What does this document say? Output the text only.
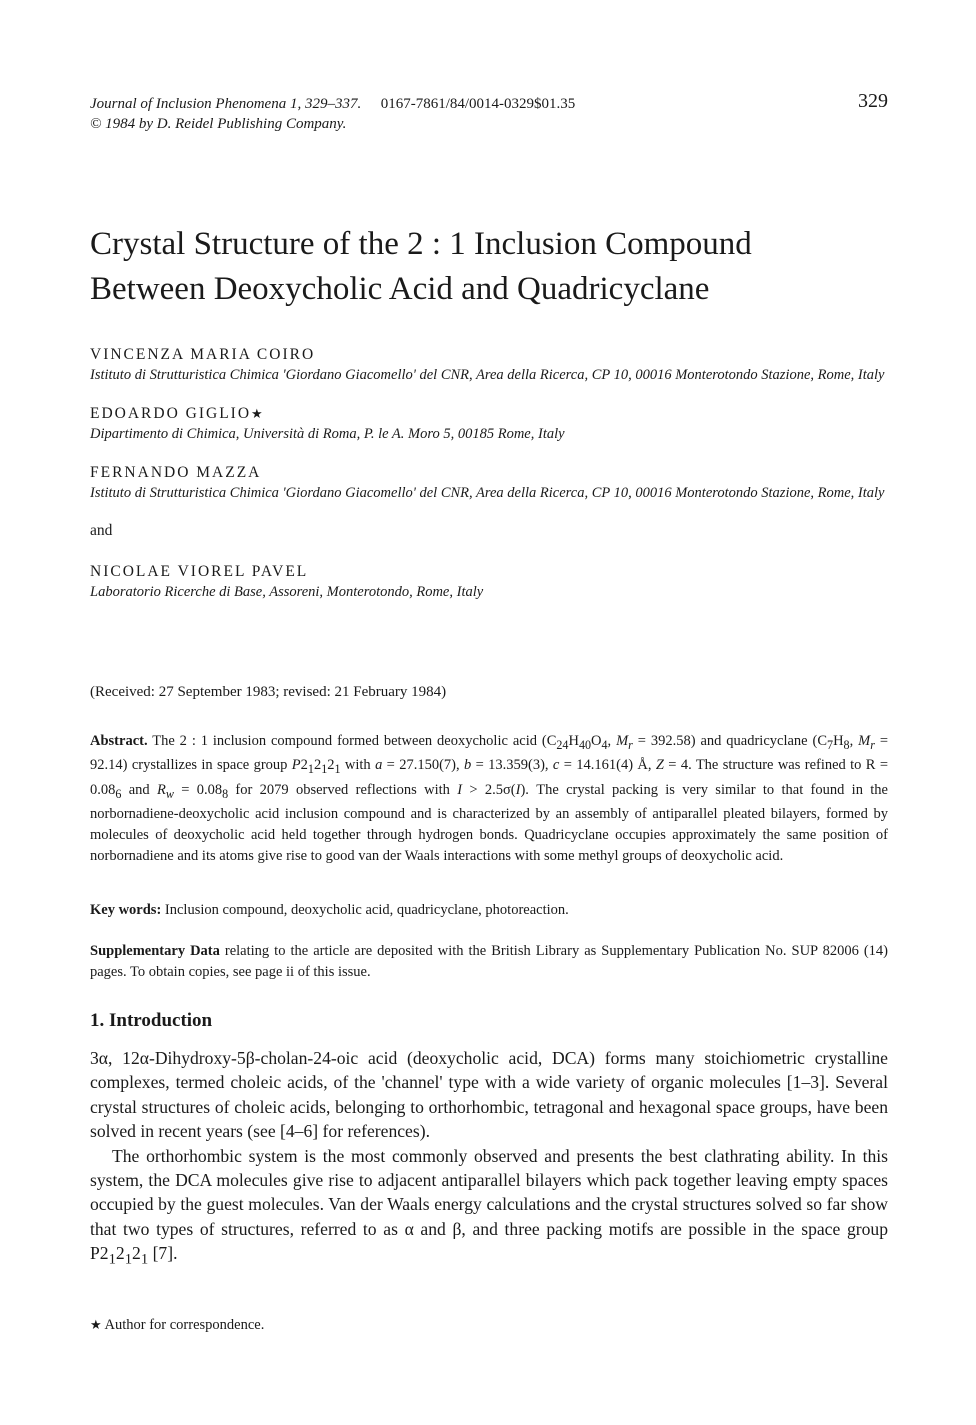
Journal of Inclusion Phenomena 1, 329–337. 0167-7861/84/0014-0329$01.35
© 1984 by D. Reidel Publishing Company.
329
Crystal Structure of the 2 : 1 Inclusion Compound
Between Deoxycholic Acid and Quadricyclane
VINCENZA MARIA COIRO
Istituto di Strutturistica Chimica 'Giordano Giacomello' del CNR, Area della Ricerca, CP 10, 00016 Monterotondo Stazione, Rome, Italy
EDOARDO GIGLIO★
Dipartimento di Chimica, Università di Roma, P. le A. Moro 5, 00185 Rome, Italy
FERNANDO MAZZA
Istituto di Strutturistica Chimica 'Giordano Giacomello' del CNR, Area della Ricerca, CP 10, 00016 Monterotondo Stazione, Rome, Italy
and
NICOLAE VIOREL PAVEL
Laboratorio Ricerche di Base, Assoreni, Monterotondo, Rome, Italy
(Received: 27 September 1983; revised: 21 February 1984)
Abstract. The 2 : 1 inclusion compound formed between deoxycholic acid ($C_{24}H_{40}O_4$, $M_r = 392.58$) and quadricyclane ($C_7H_8$, $M_r = 92.14$) crystallizes in space group $P2_12_12_1$ with a = 27.150(7), b = 13.359(3), c = 14.161(4) Å, Z = 4. The structure was refined to $R = 0.08_6$ and $R_w = 0.08_8$ for 2079 observed reflections with I > 2.5σ(I). The crystal packing is very similar to that found in the norbornadiene-deoxycholic acid inclusion compound and is characterized by an assembly of antiparallel pleated bilayers, formed by molecules of deoxycholic acid held together through hydrogen bonds. Quadricyclane occupies approximately the same position of norbornadiene and its atoms give rise to good van der Waals interactions with some methyl groups of deoxycholic acid.
Key words: Inclusion compound, deoxycholic acid, quadricyclane, photoreaction.
Supplementary Data relating to the article are deposited with the British Library as Supplementary Publication No. SUP 82006 (14) pages. To obtain copies, see page ii of this issue.
1. Introduction

3α, 12α-Dihydroxy-5β-cholan-24-oic acid (deoxycholic acid, DCA) forms many stoichiometric crystalline complexes, termed choleic acids, of the 'channel' type with a wide variety of organic molecules [1–3]. Several crystal structures of choleic acids, belonging to orthorhombic, tetragonal and hexagonal space groups, have been solved in recent years (see [4–6] for references).

The orthorhombic system is the most commonly observed and presents the best clathrating ability. In this system, the DCA molecules give rise to adjacent antiparallel bilayers which pack together leaving empty spaces occupied by the guest molecules. Van der Waals energy calculations and the crystal structures solved so far show that two types of structures, referred to as α and β, and three packing motifs are possible in the space group $P2_12_12_1$ [7].

★ Author for correspondence.
